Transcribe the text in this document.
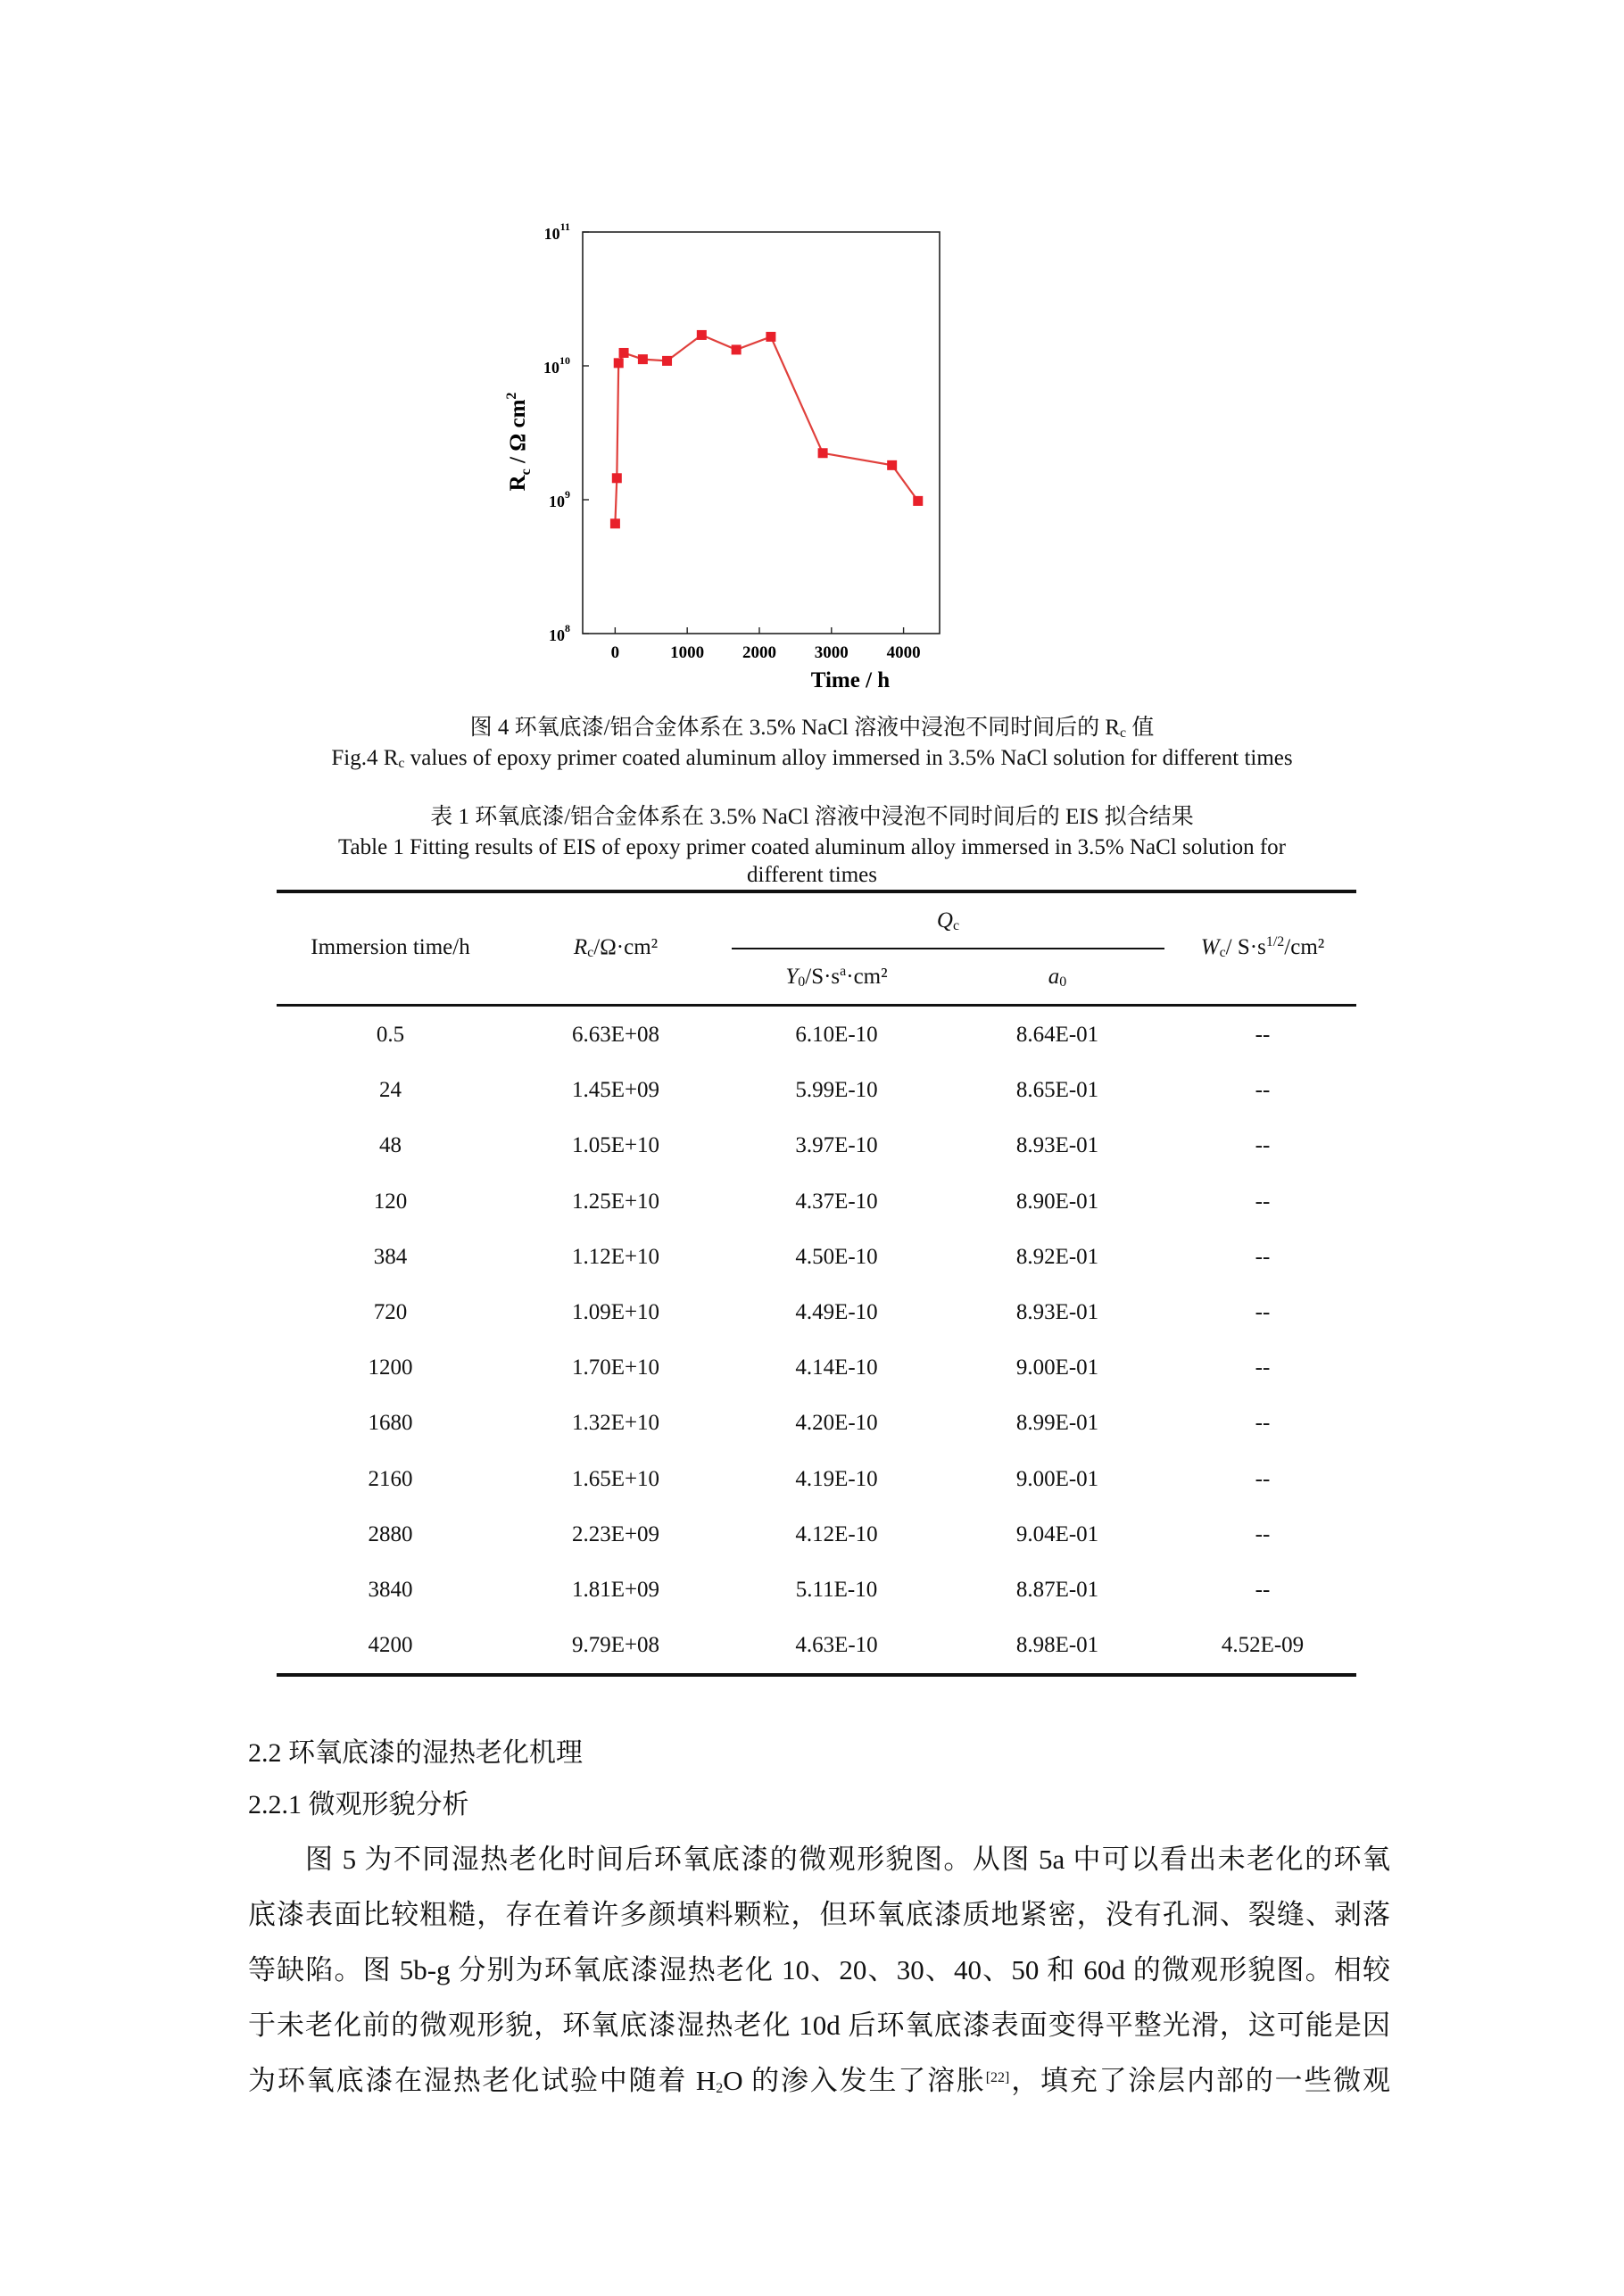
0	1000 2000 3000 4000
$10^8$
$10^9$
$10^{10}$
$10^{11}$
Time / h
$R_c$ / Ω $cm^2$
图 4 环氧底漆/铝合金体系在 3.5% NaCl 溶液中浸泡不同时间后的 $R_c$ 值
Fig.4 $R_c$ values of epoxy primer coated aluminum alloy immersed in 3.5% NaCl solution for different times
表 1 环氧底漆/铝合金体系在 3.5% NaCl 溶液中浸泡不同时间后的 EIS 拟合结果
Table 1 Fitting results of EIS of epoxy primer coated aluminum alloy immersed in 3.5% NaCl solution for
different times
Immersion time/h	$R_c/\Omega\cdot cm^2$
$Q_c$
$Y_0/S\cdot s^a\cdot cm^2$	$a_0$
$W_c/$ $S\cdot s^{1/2}$/cm²
0.5	6.63E+08	6.10E-10	8.64E-01	--
24	1.45E+09	5.99E-10	8.65E-01	--
48	1.05E+10	3.97E-10	8.93E-01	--
120	1.25E+10	4.37E-10	8.90E-01	--
384	1.12E+10	4.50E-10	8.92E-01	--
720	1.09E+10	4.49E-10	8.93E-01	--
1200	1.70E+10	4.14E-10	9.00E-01	--
1680	1.32E+10	4.20E-10	8.99E-01	--
2160	1.65E+10	4.19E-10	9.00E-01	--
2880	2.23E+09	4.12E-10	9.04E-01	--
3840	1.81E+09	5.11E-10	8.87E-01	--
4200	9.79E+08	4.63E-10	8.98E-01	4.52E-09
2.2 环氧底漆的湿热老化机理
2.2.1 微观形貌分析

图 5 为不同湿热老化时间后环氧底漆的微观形貌图。从图 5a 中可以看出未老化的环氧
底漆表面比较粗糙，存在着许多颜填料颗粒，但环氧底漆质地紧密，没有孔洞、裂缝、剥落
等缺陷。图 5b-g 分别为环氧底漆湿热老化 10、20、30、40、50 和 60d 的微观形貌图。相较
于未老化前的微观形貌，环氧底漆湿热老化 10d 后环氧底漆表面变得平整光滑，这可能是因
为环氧底漆在湿热老化试验中随着 $H_2O$ 的渗入发生了溶胀[22]，填充了涂层内部的一些微观
